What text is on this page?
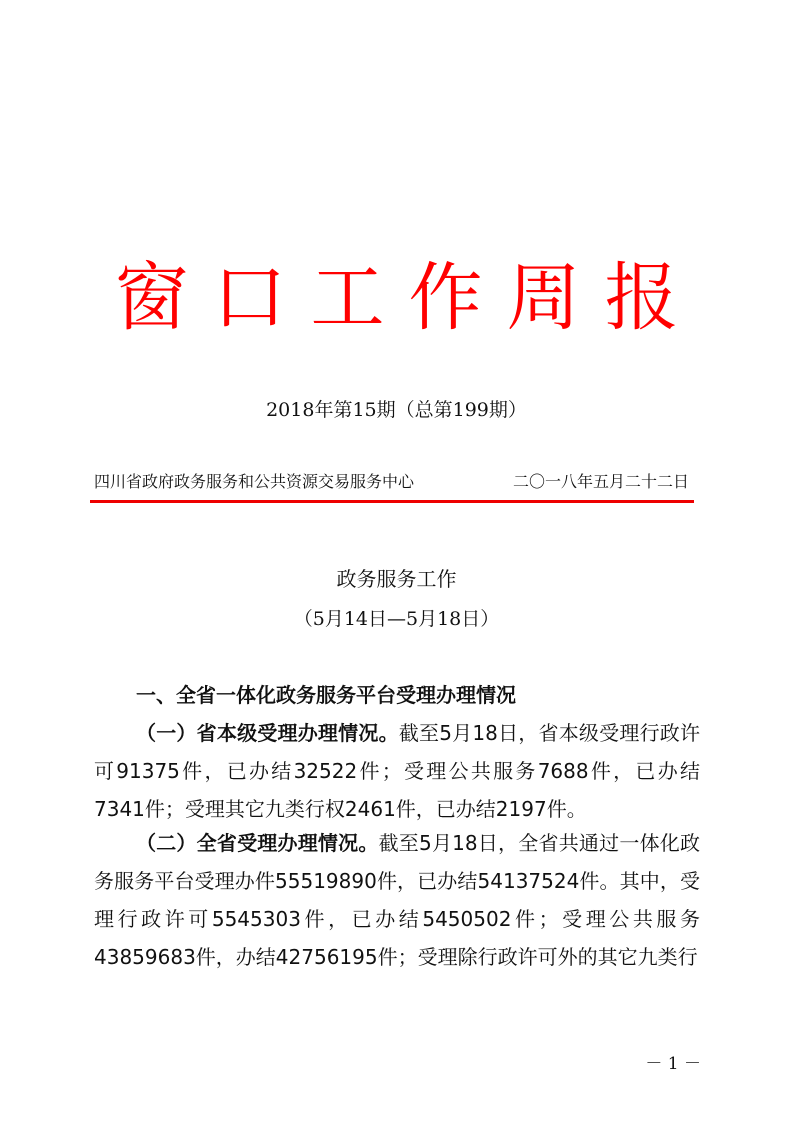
窗口工作周报
2018年第15期（总第199期）
四川省政府政务服务和公共资源交易服务中心	二〇一八年五月二十二日
政务服务工作
（5月14日—5月18日）
一、全省一体化政务服务平台受理办理情况

（一）省本级受理办理情况。截至5月18日，省本级受理行政许可91375件，已办结32522件；受理公共服务7688件，已办结7341件；受理其它九类行权2461件，已办结2197件。

（二）全省受理办理情况。截至5月18日，全省共通过一体化政务服务平台受理办件55519890件，已办结54137524件。其中，受理行政许可5545303件，已办结5450502件；受理公共服务43859683件，办结42756195件；受理除行政许可外的其它九类行

－ 1 －
